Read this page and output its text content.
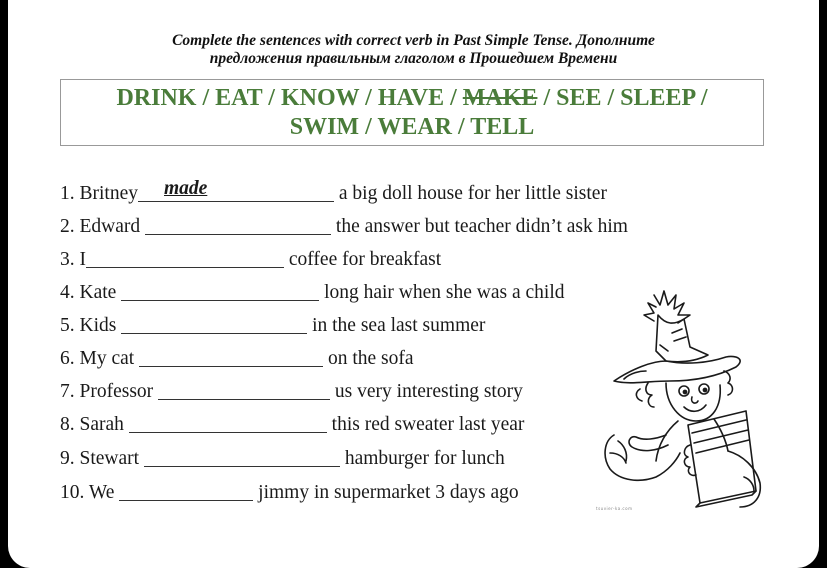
Complete the sentences with correct verb in Past Simple Tense. Дополните
предложения правильным глаголом в Прошедшем Времени
DRINK / EAT / KNOW / HAVE / MAKE / SEE / SLEEP /
SWIM / WEAR / TELL
1. Britney made	a big doll house for her little sister
2. Edward	the answer but teacher didn’t ask him
3. I	coffee for breakfast
4. Kate	long hair when she was a child
5. Kids	in the sea last summer
6. My cat	on the sofa
7. Professor	us very interesting story
8. Sarah	this red sweater last year
9. Stewart	hamburger for lunch
10. We	jimmy in supermarket 3 days ago
tsuvier-ka.com
